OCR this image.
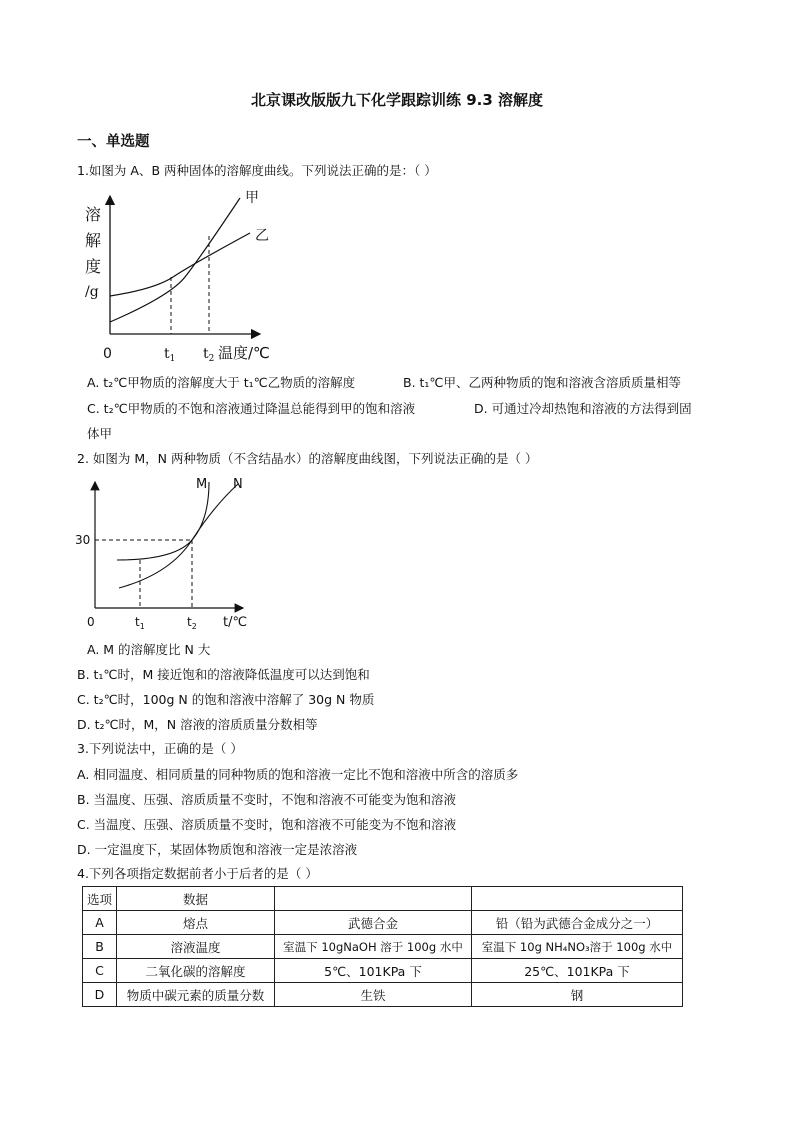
北京课改版版九下化学跟踪训练 9.3 溶解度
一、单选题
1.如图为 A、B 两种固体的溶解度曲线。下列说法正确的是：（ ）
溶
解
度
/g
0	$t_1$ $t_2$ 温度/℃
甲
乙
A. t₂℃甲物质的溶解度大于 t₁℃乙物质的溶解度	B. t₁℃甲、乙两种物质的饱和溶液含溶质质量相等
C. t₂℃甲物质的不饱和溶液通过降温总能得到甲的饱和溶液	D. 可通过冷却热饱和溶液的方法得到固
体甲
2. 如图为 M，N 两种物质（不含结晶水）的溶解度曲线图，下列说法正确的是（ ）
30
0	$t_1$	$t_2$ t/℃
M N
A. M 的溶解度比 N 大
B. t₁℃时，M 接近饱和的溶液降低温度可以达到饱和
C. t₂℃时，100g N 的饱和溶液中溶解了 30g N 物质
D. t₂℃时，M，N 溶液的溶质质量分数相等
3.下列说法中，正确的是（ ）
A. 相同温度、相同质量的同种物质的饱和溶液一定比不饱和溶液中所含的溶质多
B. 当温度、压强、溶质质量不变时，不饱和溶液不可能变为饱和溶液
C. 当温度、压强、溶质质量不变时，饱和溶液不可能变为不饱和溶液
D. 一定温度下，某固体物质饱和溶液一定是浓溶液
4.下列各项指定数据前者小于后者的是（ ）
选项	数据		
A	熔点	武德合金	铅（铅为武德合金成分之一）
B	溶液温度	室温下 10gNaOH 溶于 100g 水中	室温下 10g NH₄NO₃溶于 100g 水中
C	二氧化碳的溶解度	5℃、101KPa 下	25℃、101KPa 下
D	物质中碳元素的质量分数	生铁	钢
